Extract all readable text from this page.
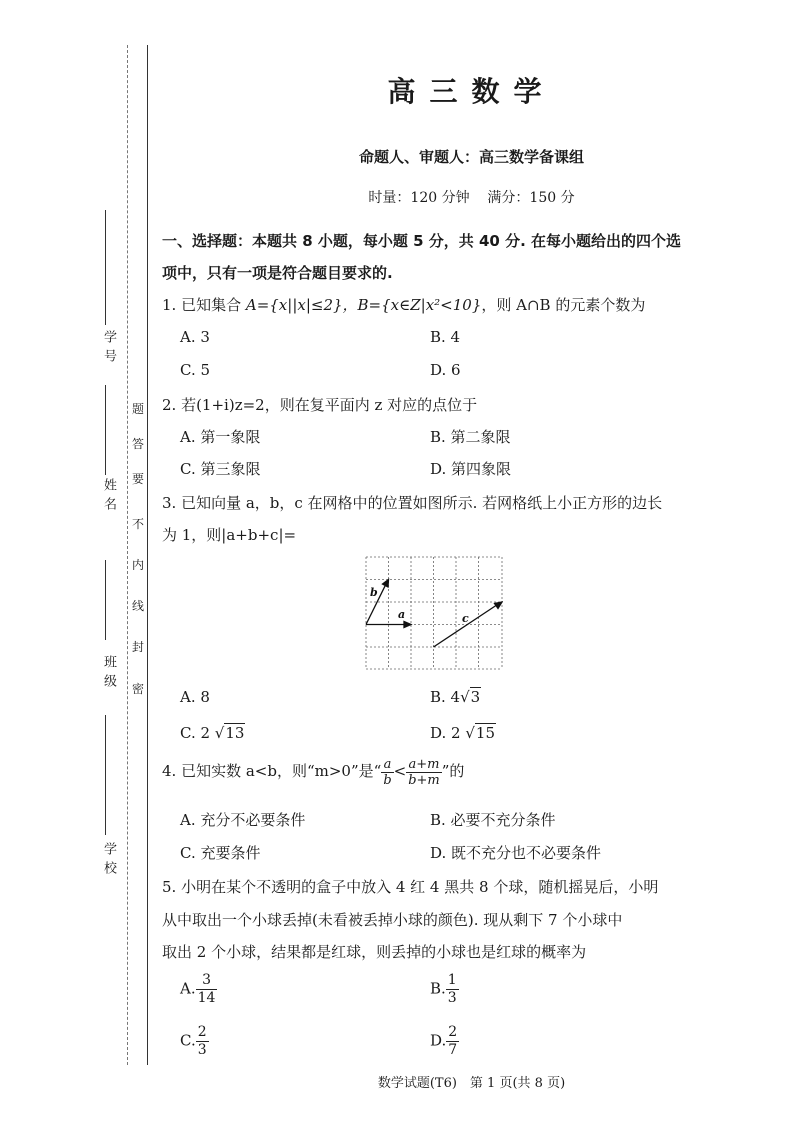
学号
姓名
班级
学校
题
答
要
不
内
线
封
密
高三数学
命题人、审题人：高三数学备课组
时量：120 分钟 满分：150 分
一、选择题：本题共 8 小题，每小题 5 分，共 40 分. 在每小题给出的四个选
项中，只有一项是符合题目要求的.
1. 已知集合 A={x||x|≤2}，B={x∈Z|x²<10}，则 A∩B 的元素个数为
A. 3	B. 4
C. 5	D. 6
2. 若(1+i)z=2，则在复平面内 z 对应的点位于
A. 第一象限	B. 第二象限
C. 第三象限	D. 第四象限
3. 已知向量 a，b，c 在网格中的位置如图所示. 若网格纸上小正方形的边长
为 1，则|a+b+c|=
a
b
c
A. 8	B. 4√3
C. 2 √13	D. 2 √15
4. 已知实数 a<b，则“m>0”是“ $\frac{a}{b} < \frac{a+m}{b+m}$ ”的
A. 充分不必要条件	B. 必要不充分条件
C. 充要条件	D. 既不充分也不必要条件
5. 小明在某个不透明的盒子中放入 4 红 4 黑共 8 个球，随机摇晃后，小明
从中取出一个小球丢掉(未看被丢掉小球的颜色). 现从剩下 7 个小球中
取出 2 个小球，结果都是红球，则丢掉的小球也是红球的概率为
A. $\frac{3}{14}$	B. $\frac{1}{3}$
C. $\frac{2}{3}$	D. $\frac{2}{7}$
数学试题(T6)　第 1 页(共 8 页)
